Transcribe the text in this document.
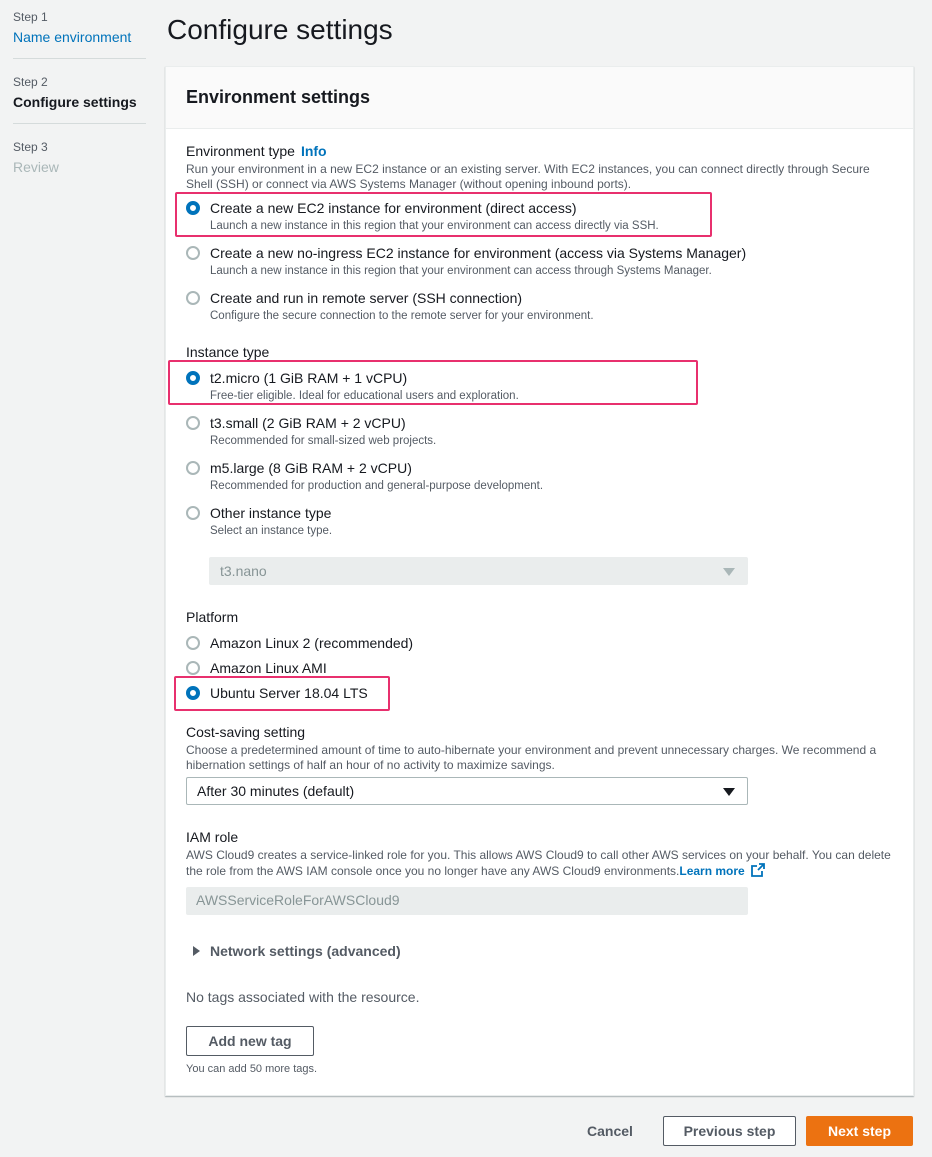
Step 1
Name environment
Step 2
Configure settings
Step 3
Review
Configure settings
Environment settings
Environment type Info
Run your environment in a new EC2 instance or an existing server. With EC2 instances, you can connect directly through Secure Shell (SSH) or connect via AWS Systems Manager (without opening inbound ports).
Create a new EC2 instance for environment (direct access)
Launch a new instance in this region that your environment can access directly via SSH.
Create a new no-ingress EC2 instance for environment (access via Systems Manager)
Launch a new instance in this region that your environment can access through Systems Manager.
Create and run in remote server (SSH connection)
Configure the secure connection to the remote server for your environment.
Instance type
t2.micro (1 GiB RAM + 1 vCPU)
Free-tier eligible. Ideal for educational users and exploration.
t3.small (2 GiB RAM + 2 vCPU)
Recommended for small-sized web projects.
m5.large (8 GiB RAM + 2 vCPU)
Recommended for production and general-purpose development.
Other instance type
Select an instance type.
t3.nano
Platform
Amazon Linux 2 (recommended)
Amazon Linux AMI
Ubuntu Server 18.04 LTS
Cost-saving setting
Choose a predetermined amount of time to auto-hibernate your environment and prevent unnecessary charges. We recommend a hibernation settings of half an hour of no activity to maximize savings.
After 30 minutes (default)
IAM role
AWS Cloud9 creates a service-linked role for you. This allows AWS Cloud9 to call other AWS services on your behalf. You can delete the role from the AWS IAM console once you no longer have any AWS Cloud9 environments.Learn more
AWSServiceRoleForAWSCloud9
Network settings (advanced)
No tags associated with the resource.
Add new tag
You can add 50 more tags.
Cancel	Previous step	Next step
